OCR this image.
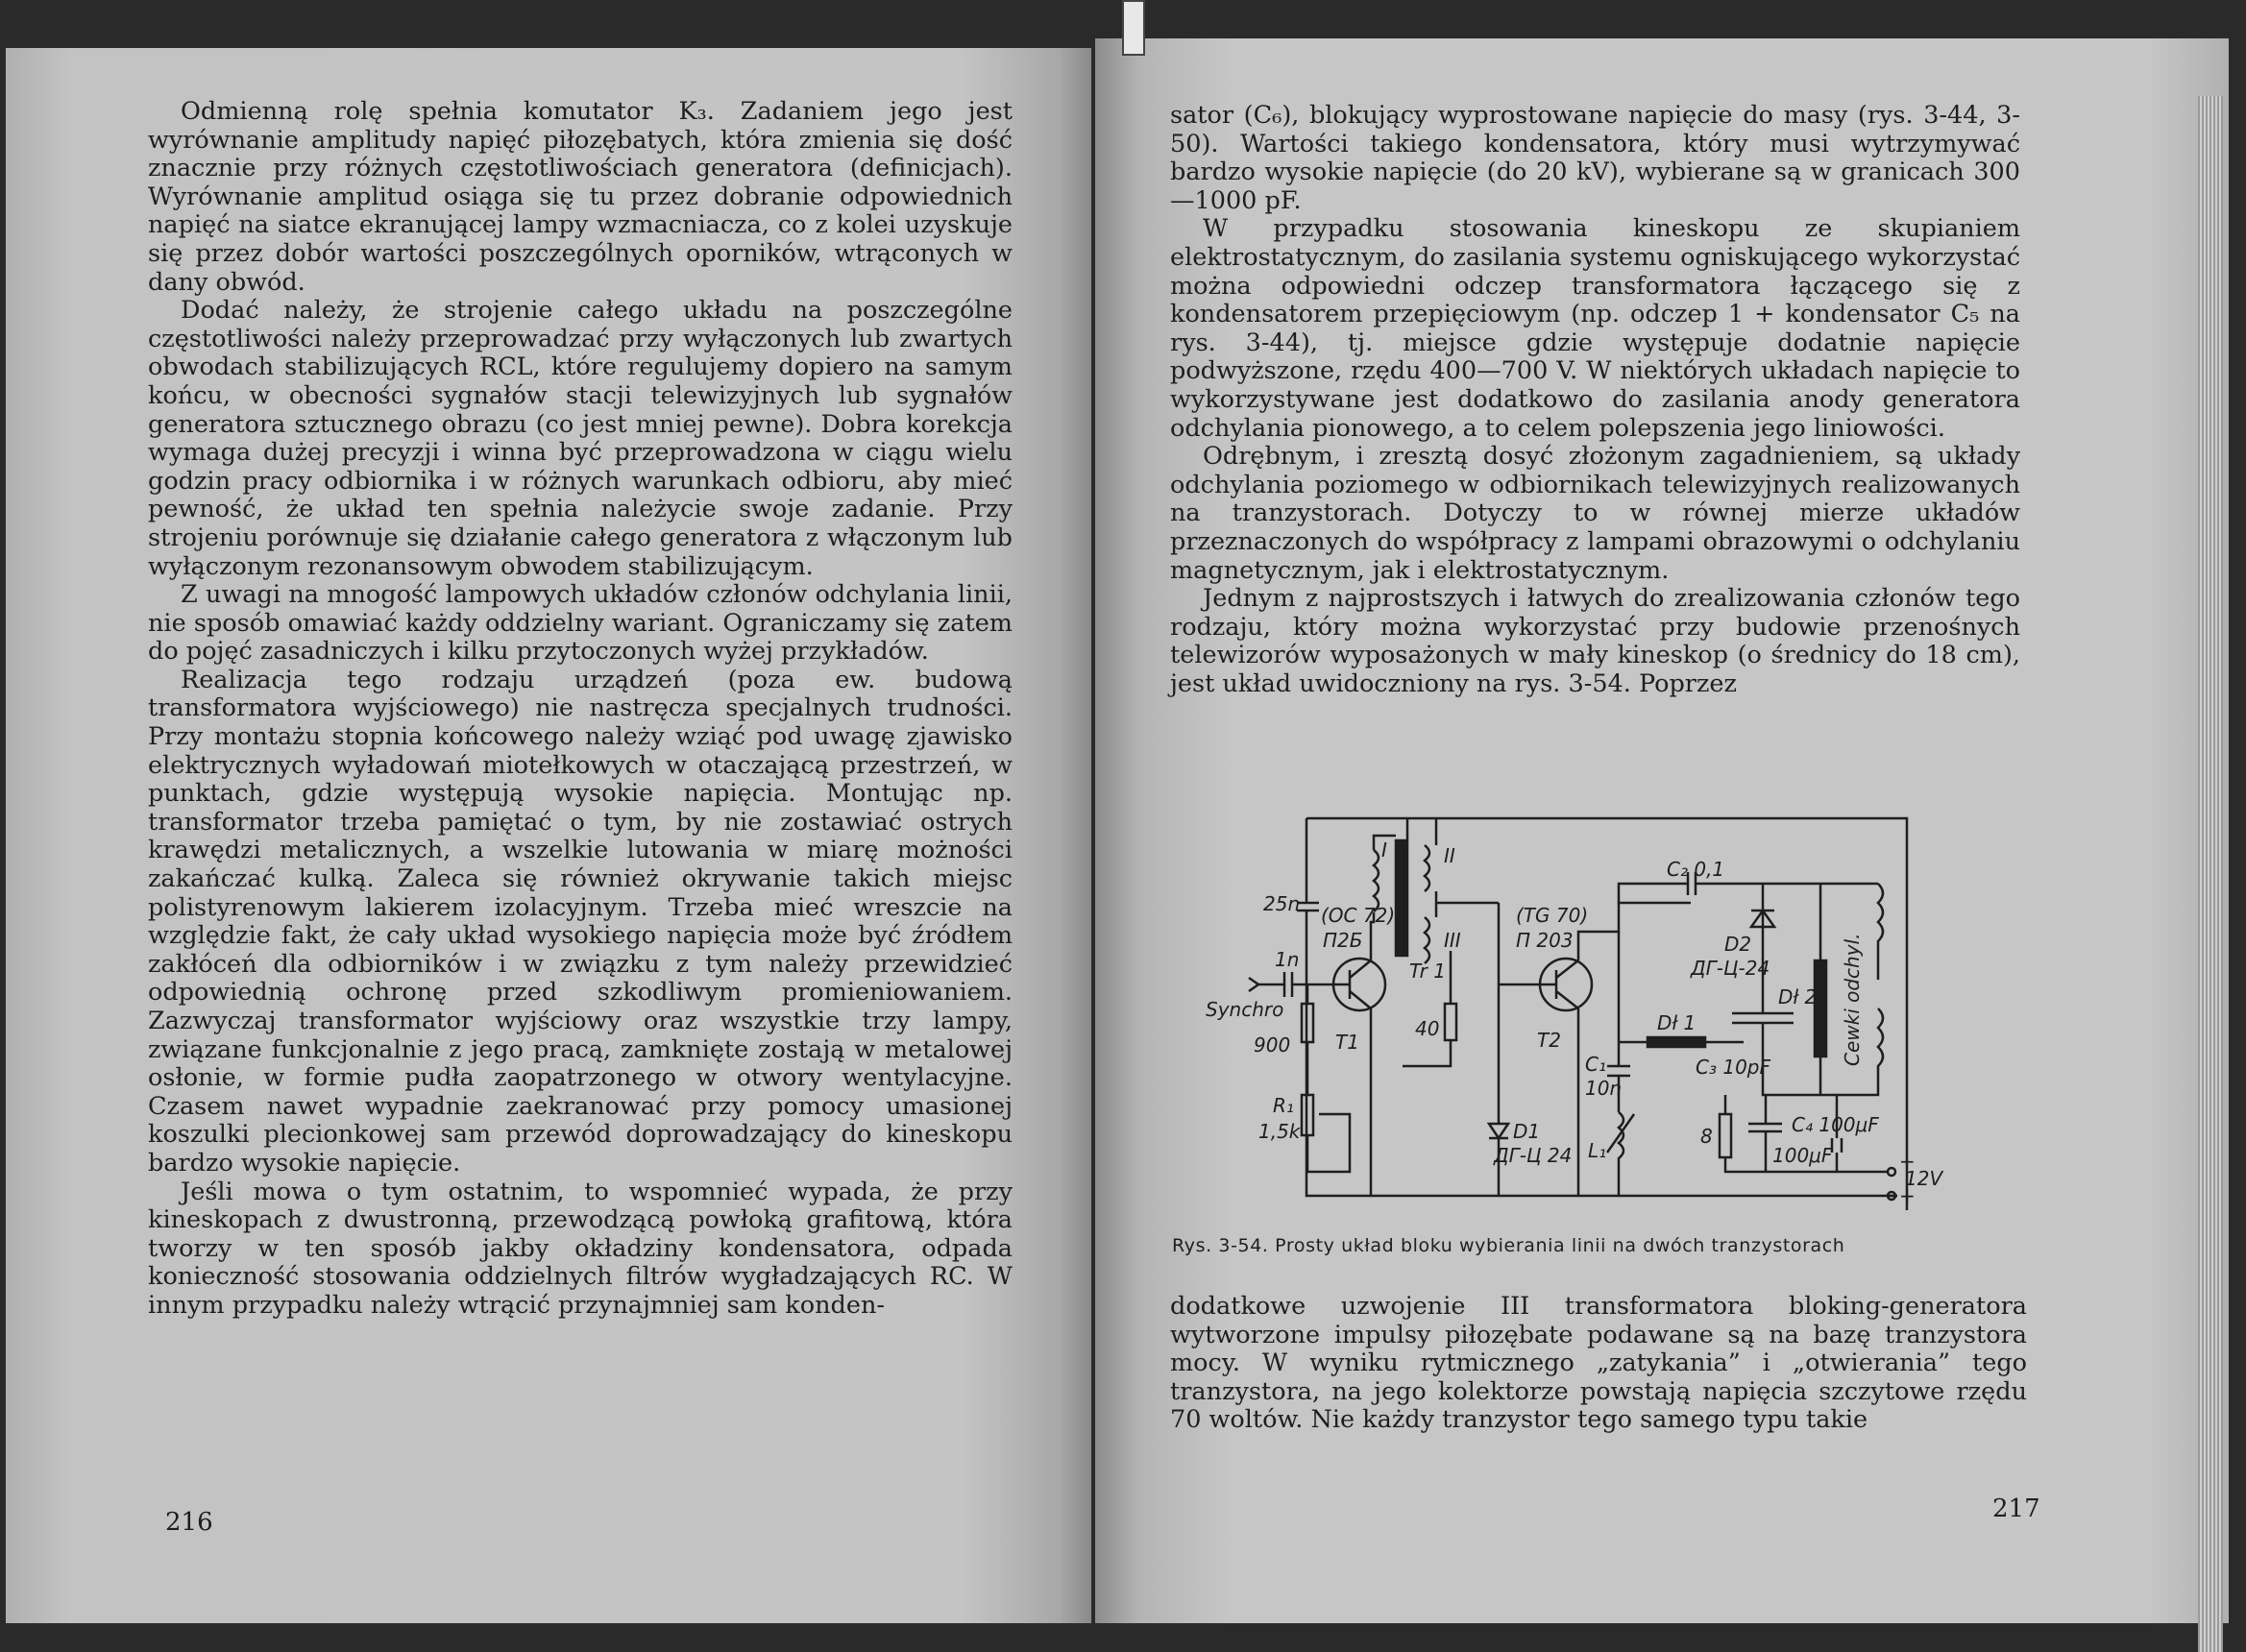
Odmienną rolę spełnia komutator K₃. Zadaniem jego jest wyrównanie amplitudy napięć piłozębatych, która zmienia się dość znacznie przy różnych częstotliwościach generatora (definicjach). Wyrównanie amplitud osiąga się tu przez dobranie odpowiednich napięć na siatce ekranującej lampy wzmacniacza, co z kolei uzyskuje się przez dobór wartości poszczególnych oporników, wtrąconych w dany obwód.

Dodać należy, że strojenie całego układu na poszczególne częstotliwości należy przeprowadzać przy wyłączonych lub zwartych obwodach stabilizujących RCL, które regulujemy dopiero na samym końcu, w obecności sygnałów stacji telewizyjnych lub sygnałów generatora sztucznego obrazu (co jest mniej pewne). Dobra korekcja wymaga dużej precyzji i winna być przeprowadzona w ciągu wielu godzin pracy odbiornika i w różnych warunkach odbioru, aby mieć pewność, że układ ten spełnia należycie swoje zadanie. Przy strojeniu porównuje się działanie całego generatora z włączonym lub wyłączonym rezonansowym obwodem stabilizującym.

Z uwagi na mnogość lampowych układów członów odchylania linii, nie sposób omawiać każdy oddzielny wariant. Ograniczamy się zatem do pojęć zasadniczych i kilku przytoczonych wyżej przykładów.

Realizacja tego rodzaju urządzeń (poza ew. budową transformatora wyjściowego) nie nastręcza specjalnych trudności. Przy montażu stopnia końcowego należy wziąć pod uwagę zjawisko elektrycznych wyładowań miotełkowych w otaczającą przestrzeń, w punktach, gdzie występują wysokie napięcia. Montując np. transformator trzeba pamiętać o tym, by nie zostawiać ostrych krawędzi metalicznych, a wszelkie lutowania w miarę możności zakańczać kulką. Zaleca się również okrywanie takich miejsc polistyrenowym lakierem izolacyjnym. Trzeba mieć wreszcie na względzie fakt, że cały układ wysokiego napięcia może być źródłem zakłóceń dla odbiorników i w związku z tym należy przewidzieć odpowiednią ochronę przed szkodliwym promieniowaniem. Zazwyczaj transformator wyjściowy oraz wszystkie trzy lampy, związane funkcjonalnie z jego pracą, zamknięte zostają w metalowej osłonie, w formie pudła zaopatrzonego w otwory wentylacyjne. Czasem nawet wypadnie zaekranować przy pomocy umasionej koszulki plecionkowej sam przewód doprowadzający do kineskopu bardzo wysokie napięcie.

Jeśli mowa o tym ostatnim, to wspomnieć wypada, że przy kineskopach z dwustronną, przewodzącą powłoką grafitową, która tworzy w ten sposób jakby okładziny kondensatora, odpada konieczność stosowania oddzielnych filtrów wygładzających RC. W innym przypadku należy wtrącić przynajmniej sam konden-

216

sator (C₆), blokujący wyprostowane napięcie do masy (rys. 3-44, 3-50). Wartości takiego kondensatora, który musi wytrzymywać bardzo wysokie napięcie (do 20 kV), wybierane są w granicach 300—1000 pF.

W przypadku stosowania kineskopu ze skupianiem elektrostatycznym, do zasilania systemu ogniskującego wykorzystać można odpowiedni odczep transformatora łączącego się z kondensatorem przepięciowym (np. odczep 1 + kondensator C₅ na rys. 3-44), tj. miejsce gdzie występuje dodatnie napięcie podwyższone, rzędu 400—700 V. W niektórych układach napięcie to wykorzystywane jest dodatkowo do zasilania anody generatora odchylania pionowego, a to celem polepszenia jego liniowości.

Odrębnym, i zresztą dosyć złożonym zagadnieniem, są układy odchylania poziomego w odbiornikach telewizyjnych realizowanych na tranzystorach. Dotyczy to w równej mierze układów przeznaczonych do współpracy z lampami obrazowymi o odchylaniu magnetycznym, jak i elektrostatycznym.

Jednym z najprostszych i łatwych do zrealizowania członów tego rodzaju, który można wykorzystać przy budowie przenośnych telewizorów wyposażonych w mały kineskop (o średnicy do 18 cm), jest układ uwidoczniony na rys. 3-54. Poprzez

25n (ОС 72)
П2Б
I	II
III
Tr 1
40
1n
Synchro
900 T1
R₁
1,5k
(TG 70)
П 203
T2
C₂ 0,1
D2
ДГ-Ц-24
Dł 1
Dł 2 Cewki odchyl.
C₁
10n
C₃ 10pF
L₁
8	C₄ 100μF
100μF
D1
ДГ-Ц 24
12V
−
+
Rys. 3-54. Prosty układ bloku wybierania linii na dwóch tranzystorach

dodatkowe uzwojenie III transformatora bloking-generatora wytworzone impulsy piłozębate podawane są na bazę tranzystora mocy. W wyniku rytmicznego „zatykania” i „otwierania” tego tranzystora, na jego kolektorze powstają napięcia szczytowe rzędu 70 woltów. Nie każdy tranzystor tego samego typu takie

217
